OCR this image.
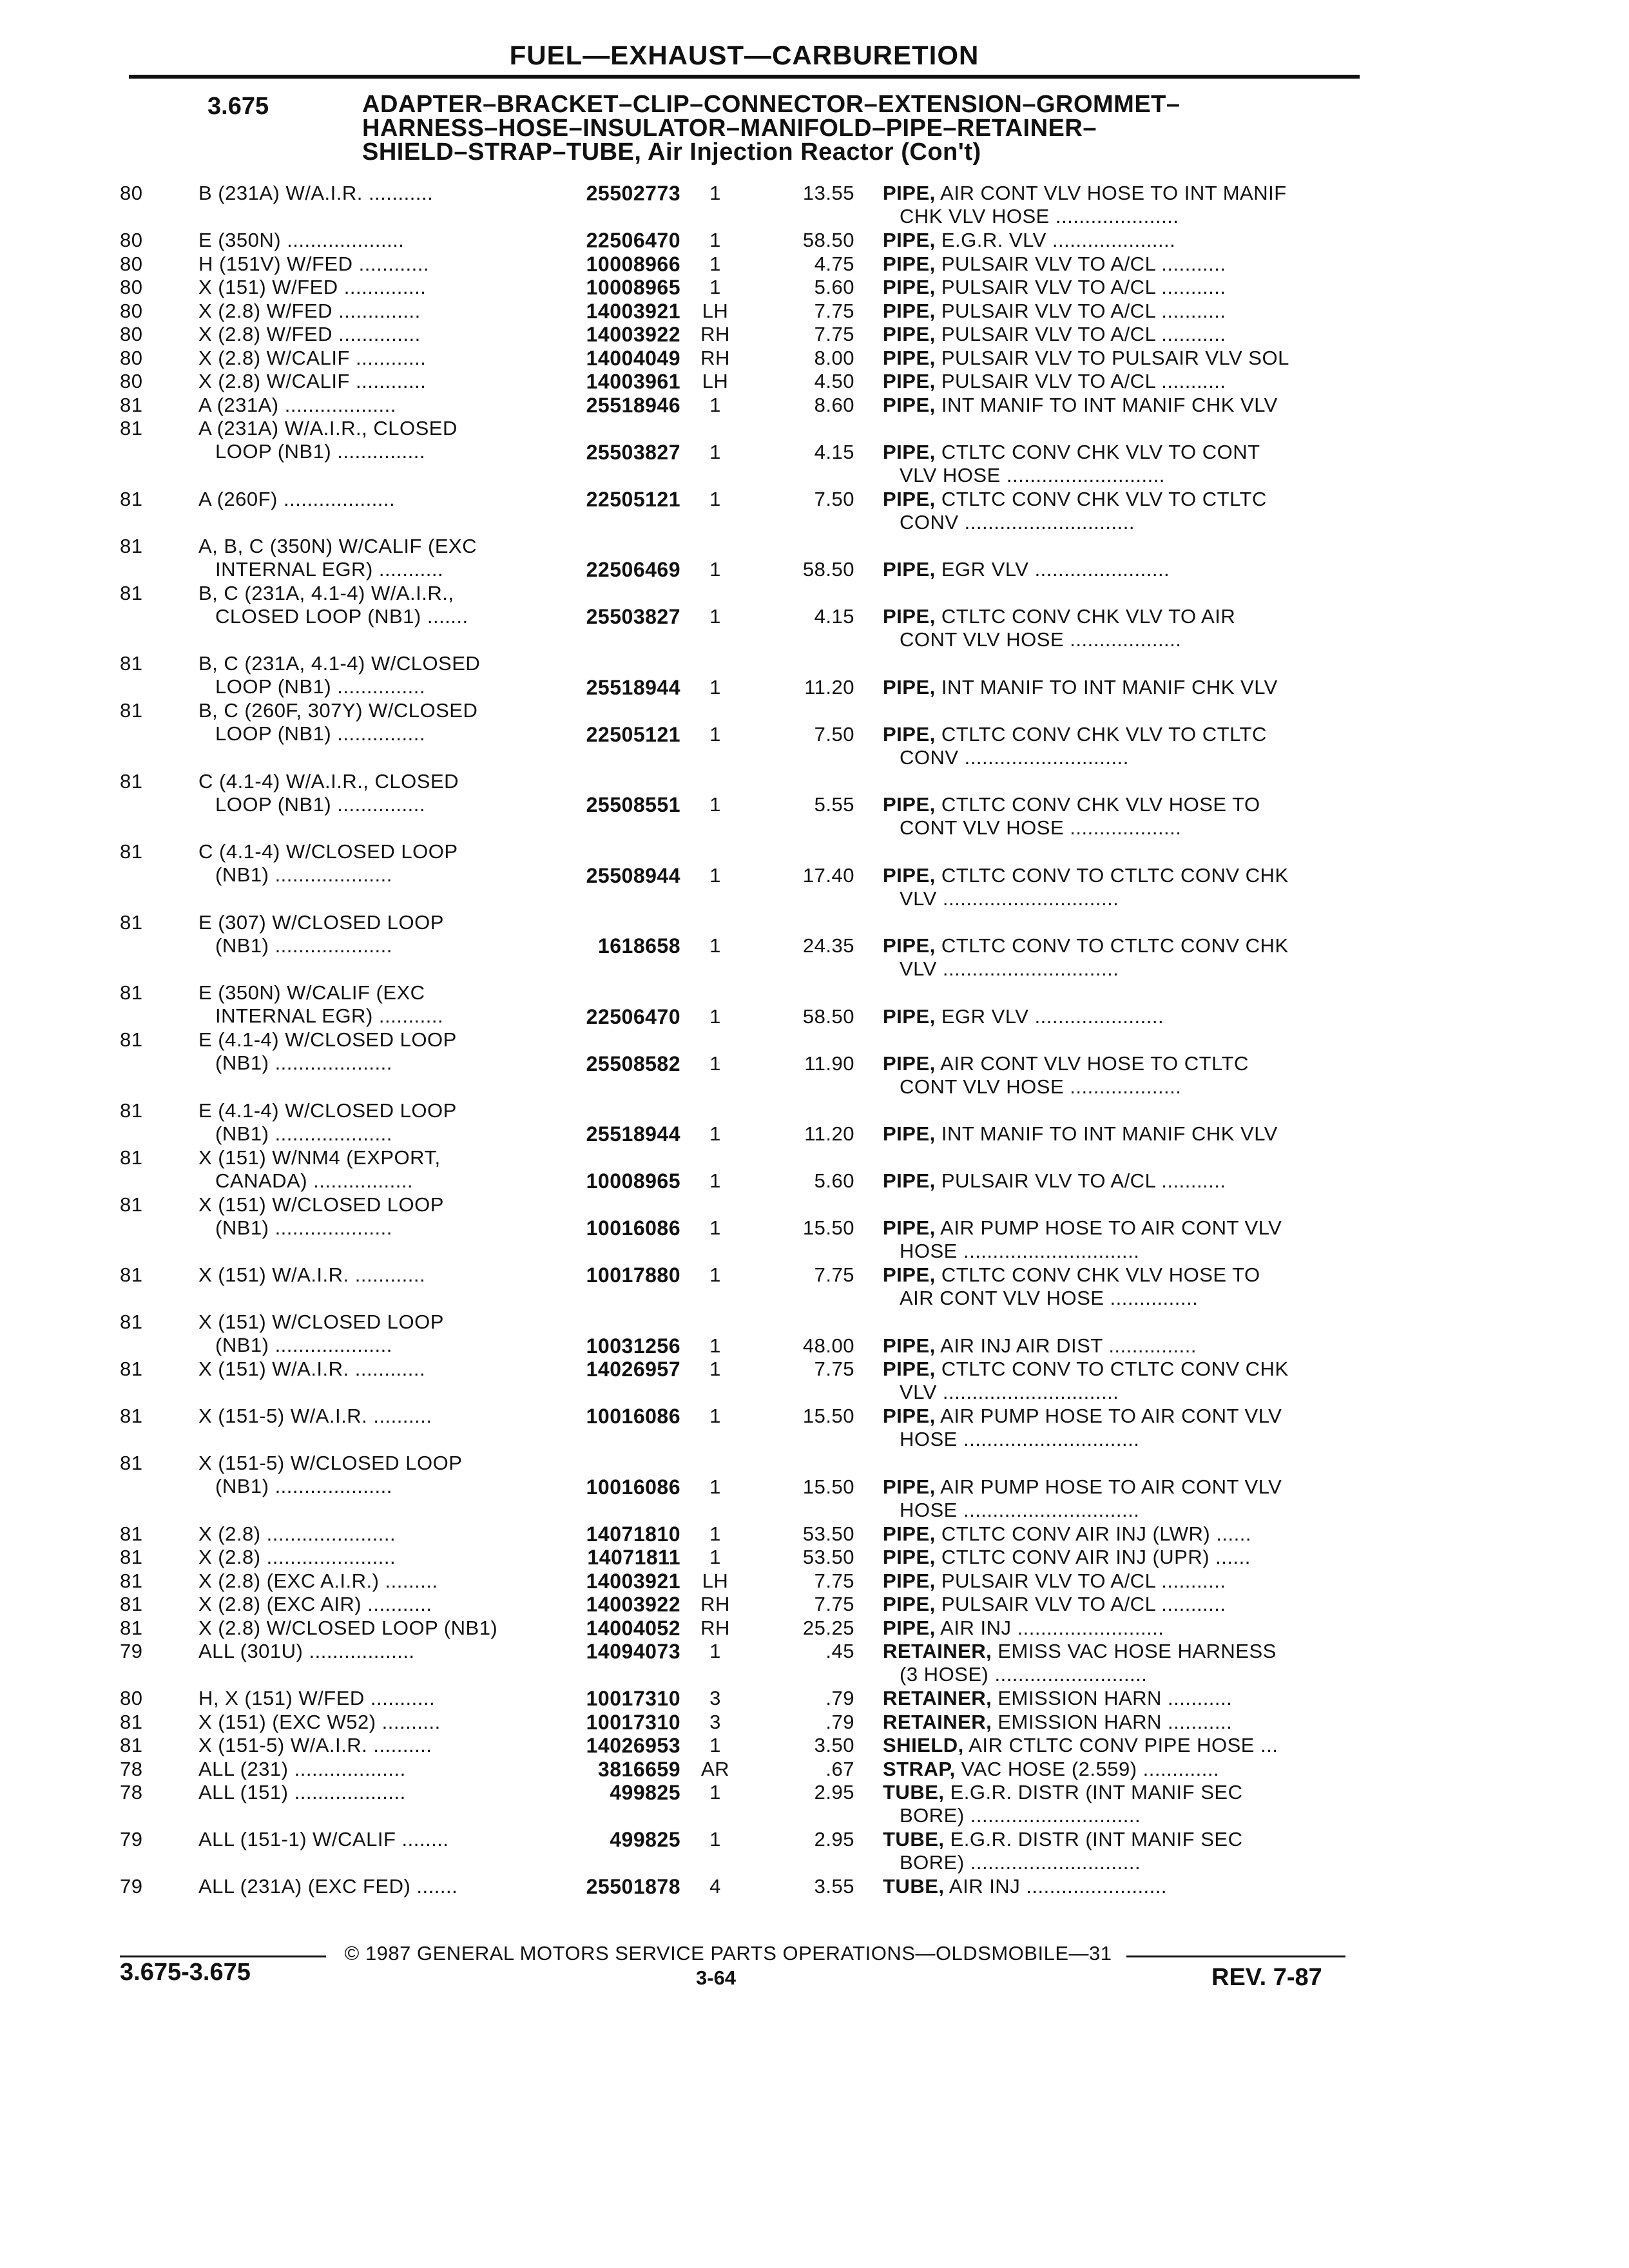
FUEL—EXHAUST—CARBURETION
3.675	ADAPTER–BRACKET–CLIP–CONNECTOR–EXTENSION–GROMMET–
HARNESS–HOSE–INSULATOR–MANIFOLD–PIPE–RETAINER–
SHIELD–STRAP–TUBE, Air Injection Reactor (Con't)
80	B (231A) W/A.I.R. ...........	25502773	1	13.55 PIPE, AIR CONT VLV HOSE TO INT MANIF
CHK VLV HOSE .....................
80	E (350N) ....................	22506470	1	58.50 PIPE, E.G.R. VLV .....................
80	H (151V) W/FED ............	10008966	1	4.75 PIPE, PULSAIR VLV TO A/CL ...........
80	X (151) W/FED ..............	10008965	1	5.60 PIPE, PULSAIR VLV TO A/CL ...........
80	X (2.8) W/FED ..............	14003921	LH	7.75 PIPE, PULSAIR VLV TO A/CL ...........
80	X (2.8) W/FED ..............	14003922	RH	7.75 PIPE, PULSAIR VLV TO A/CL ...........
80	X (2.8) W/CALIF ............	14004049	RH	8.00 PIPE, PULSAIR VLV TO PULSAIR VLV SOL
80	X (2.8) W/CALIF ............	14003961	LH	4.50 PIPE, PULSAIR VLV TO A/CL ...........
81	A (231A) ...................	25518946	1	8.60 PIPE, INT MANIF TO INT MANIF CHK VLV
81	A (231A) W/A.I.R., CLOSED
LOOP (NB1) ...............	25503827	1	4.15 PIPE, CTLTC CONV CHK VLV TO CONT
VLV HOSE ...........................
81	A (260F) ...................	22505121	1	7.50 PIPE, CTLTC CONV CHK VLV TO CTLTC
CONV .............................
81	A, B, C (350N) W/CALIF (EXC
INTERNAL EGR) ...........	22506469	1	58.50 PIPE, EGR VLV .......................
81	B, C (231A, 4.1-4) W/A.I.R.,
CLOSED LOOP (NB1) .......	25503827	1	4.15 PIPE, CTLTC CONV CHK VLV TO AIR
CONT VLV HOSE ...................
81	B, C (231A, 4.1-4) W/CLOSED
LOOP (NB1) ...............	25518944	1	11.20 PIPE, INT MANIF TO INT MANIF CHK VLV
81	B, C (260F, 307Y) W/CLOSED
LOOP (NB1) ...............	22505121	1	7.50 PIPE, CTLTC CONV CHK VLV TO CTLTC
CONV ............................
81	C (4.1-4) W/A.I.R., CLOSED
LOOP (NB1) ...............	25508551	1	5.55 PIPE, CTLTC CONV CHK VLV HOSE TO
CONT VLV HOSE ...................
81	C (4.1-4) W/CLOSED LOOP
(NB1) ....................	25508944	1	17.40 PIPE, CTLTC CONV TO CTLTC CONV CHK
VLV ..............................
81	E (307) W/CLOSED LOOP
(NB1) ....................	1618658	1	24.35 PIPE, CTLTC CONV TO CTLTC CONV CHK
VLV ..............................
81	E (350N) W/CALIF (EXC
INTERNAL EGR) ...........	22506470	1	58.50 PIPE, EGR VLV ......................
81	E (4.1-4) W/CLOSED LOOP
(NB1) ....................	25508582	1	11.90 PIPE, AIR CONT VLV HOSE TO CTLTC
CONT VLV HOSE ...................
81	E (4.1-4) W/CLOSED LOOP
(NB1) ....................	25518944	1	11.20 PIPE, INT MANIF TO INT MANIF CHK VLV
81	X (151) W/NM4 (EXPORT,
CANADA) .................	10008965	1	5.60 PIPE, PULSAIR VLV TO A/CL ...........
81	X (151) W/CLOSED LOOP
(NB1) ....................	10016086	1	15.50 PIPE, AIR PUMP HOSE TO AIR CONT VLV
HOSE ..............................
81	X (151) W/A.I.R. ............	10017880	1	7.75 PIPE, CTLTC CONV CHK VLV HOSE TO
AIR CONT VLV HOSE ...............
81	X (151) W/CLOSED LOOP
(NB1) ....................	10031256	1	48.00 PIPE, AIR INJ AIR DIST ...............
81	X (151) W/A.I.R. ............	14026957	1	7.75 PIPE, CTLTC CONV TO CTLTC CONV CHK
VLV ..............................
81	X (151-5) W/A.I.R. ..........	10016086	1	15.50 PIPE, AIR PUMP HOSE TO AIR CONT VLV
HOSE ..............................
81	X (151-5) W/CLOSED LOOP
(NB1) ....................	10016086	1	15.50 PIPE, AIR PUMP HOSE TO AIR CONT VLV
HOSE ..............................
81	X (2.8) ......................	14071810	1	53.50 PIPE, CTLTC CONV AIR INJ (LWR) ......
81	X (2.8) ......................	14071811	1	53.50 PIPE, CTLTC CONV AIR INJ (UPR) ......
81	X (2.8) (EXC A.I.R.) .........	14003921	LH	7.75 PIPE, PULSAIR VLV TO A/CL ...........
81	X (2.8) (EXC AIR) ...........	14003922	RH	7.75 PIPE, PULSAIR VLV TO A/CL ...........
81	X (2.8) W/CLOSED LOOP (NB1)	14004052	RH	25.25 PIPE, AIR INJ .........................
79	ALL (301U) ..................	14094073	1	.45 RETAINER, EMISS VAC HOSE HARNESS
(3 HOSE) ..........................
80	H, X (151) W/FED ...........	10017310	3	.79 RETAINER, EMISSION HARN ...........
81	X (151) (EXC W52) ..........	10017310	3	.79 RETAINER, EMISSION HARN ...........
81	X (151-5) W/A.I.R. ..........	14026953	1	3.50 SHIELD, AIR CTLTC CONV PIPE HOSE ...
78	ALL (231) ...................	3816659	AR	.67 STRAP, VAC HOSE (2.559) .............
78	ALL (151) ...................	499825	1	2.95 TUBE, E.G.R. DISTR (INT MANIF SEC
BORE) .............................
79	ALL (151-1) W/CALIF ........	499825	1	2.95 TUBE, E.G.R. DISTR (INT MANIF SEC
BORE) .............................
79	ALL (231A) (EXC FED) .......	25501878	4	3.55 TUBE, AIR INJ ........................
© 1987 GENERAL MOTORS SERVICE PARTS OPERATIONS—OLDSMOBILE—31
3.675-3.675	3-64	REV. 7-87
